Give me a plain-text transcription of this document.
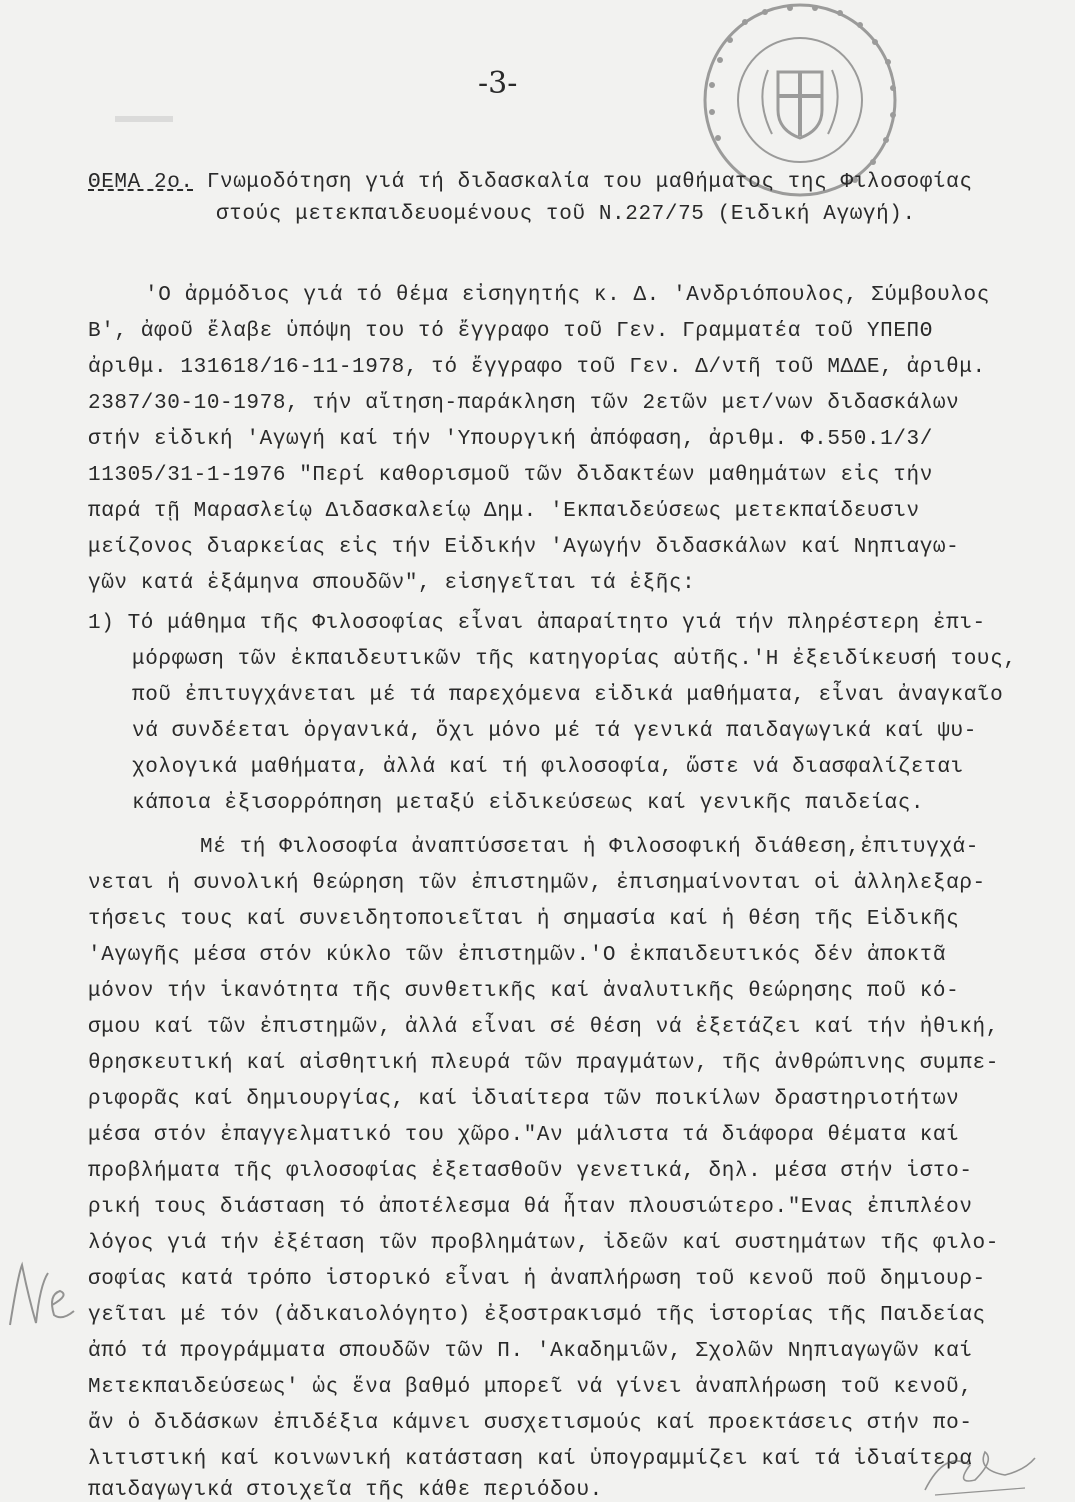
-3-
ΘΕΜΑ 2ο. Γνωμοδότηση γιά τή διδασκαλία του μαθήματος της Φιλοσοφίας
στούς μετεκπαιδευομένους τοῦ Ν.227/75 (Ειδική Αγωγή).
'Ο ἀρμόδιος γιά τό θέμα εἰσηγητής κ. Δ. 'Ανδριόπουλος, Σύμβουλος
Β', ἀφοῦ ἔλαβε ὑπόψη του τό ἔγγραφο τοῦ Γεν. Γραμματέα τοῦ ΥΠΕΠΘ
ἀριθμ. 131618/16-11-1978, τό ἔγγραφο τοῦ Γεν. Δ/ντῆ τοῦ ΜΔΔΕ, ἀριθμ.
2387/30-10-1978, τήν αἴτηση-παράκληση τῶν 2ετῶν μετ/νων διδασκάλων
στήν εἰδική 'Αγωγή καί τήν 'Υπουργική ἀπόφαση, ἀριθμ. Φ.550.1/3/
11305/31-1-1976 "Περί καθορισμοῦ τῶν διδακτέων μαθημάτων εἰς τήν
παρά τῇ Μαρασλείῳ Διδασκαλείῳ Δημ. 'Εκπαιδεύσεως μετεκπαίδευσιν
μείζονος διαρκείας εἰς τήν Εἰδικήν 'Αγωγήν διδασκάλων καί Νηπιαγω-
γῶν κατά ἑξάμηνα σπουδῶν", εἰσηγεῖται τά ἑξῆς:
1) Τό μάθημα τῆς Φιλοσοφίας εἶναι ἀπαραίτητο γιά τήν πληρέστερη ἐπι-
μόρφωση τῶν ἐκπαιδευτικῶν τῆς κατηγορίας αὐτῆς.'Η ἐξειδίκευσή τους,
ποῦ ἐπιτυγχάνεται μέ τά παρεχόμενα εἰδικά μαθήματα, εἶναι ἀναγκαῖο
νά συνδέεται ὀργανικά, ὄχι μόνο μέ τά γενικά παιδαγωγικά καί ψυ-
χολογικά μαθήματα, ἀλλά καί τή φιλοσοφία, ὥστε νά διασφαλίζεται
κάποια ἐξισορρόπηση μεταξύ εἰδικεύσεως καί γενικῆς παιδείας.
Μέ τή Φιλοσοφία ἀναπτύσσεται ἡ Φιλοσοφική διάθεση,ἐπιτυγχά-
νεται ἡ συνολική θεώρηση τῶν ἐπιστημῶν, ἐπισημαίνονται οἱ ἀλληλεξαρ-
τήσεις τους καί συνειδητοποιεῖται ἡ σημασία καί ἡ θέση τῆς Εἰδικῆς
'Αγωγῆς μέσα στόν κύκλο τῶν ἐπιστημῶν.'Ο ἐκπαιδευτικός δέν ἀποκτᾶ
μόνον τήν ἱκανότητα τῆς συνθετικῆς καί ἀναλυτικῆς θεώρησης ποῦ κό-
σμου καί τῶν ἐπιστημῶν, ἀλλά εἶναι σέ θέση νά ἐξετάζει καί τήν ἠθική,
θρησκευτική καί αἰσθητική πλευρά τῶν πραγμάτων, τῆς ἀνθρώπινης συμπε-
ριφορᾶς καί δημιουργίας, καί ἰδιαίτερα τῶν ποικίλων δραστηριοτήτων
μέσα στόν ἐπαγγελματικό του χῶρο."Αν μάλιστα τά διάφορα θέματα καί
προβλήματα τῆς φιλοσοφίας ἐξετασθοῦν γενετικά, δηλ. μέσα στήν ἱστο-
ρική τους διάσταση τό ἀποτέλεσμα θά ἦταν πλουσιώτερο."Ενας ἐπιπλέον
λόγος γιά τήν ἐξέταση τῶν προβλημάτων, ἰδεῶν καί συστημάτων τῆς φιλο-
σοφίας κατά τρόπο ἱστορικό εἶναι ἡ ἀναπλήρωση τοῦ κενοῦ ποῦ δημιουρ-
γεῖται μέ τόν (ἀδικαιολόγητο) ἐξοστρακισμό τῆς ἱστορίας τῆς Παιδείας
ἀπό τά προγράμματα σπουδῶν τῶν Π. 'Ακαδημιῶν, Σχολῶν Νηπιαγωγῶν καί
Μετεκπαιδεύσεως' ὡς ἕνα βαθμό μπορεῖ νά γίνει ἀναπλήρωση τοῦ κενοῦ,
ἄν ὁ διδάσκων ἐπιδέξια κάμνει συσχετισμούς καί προεκτάσεις στήν πο-
λιτιστική καί κοινωνική κατάσταση καί ὑπογραμμίζει καί τά ἰδιαίτερα
παιδαγωγικά στοιχεῖα τῆς κάθε περιόδου.
